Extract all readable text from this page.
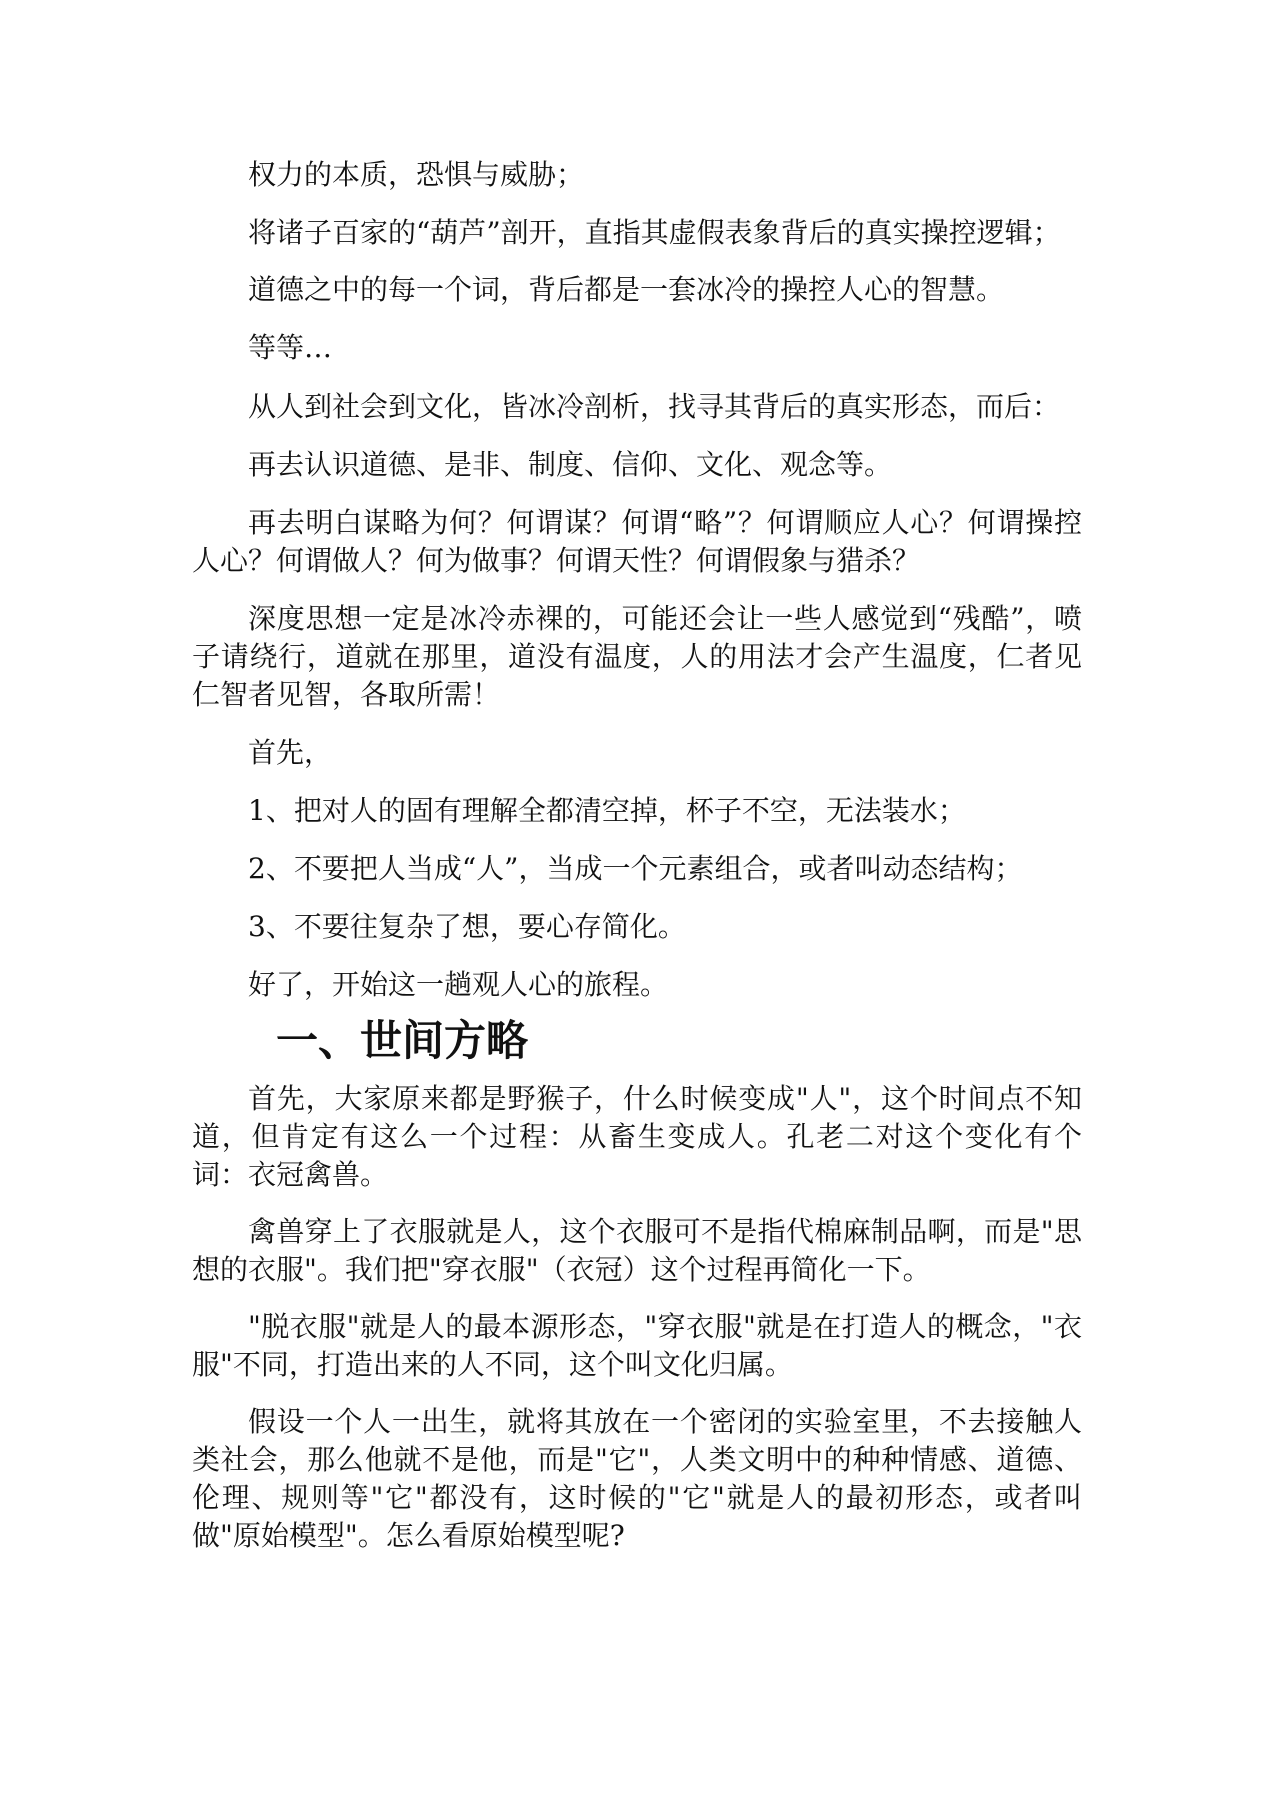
权力的本质，恐惧与威胁；

将诸子百家的“葫芦”剖开，直指其虚假表象背后的真实操控逻辑；

道德之中的每一个词，背后都是一套冰冷的操控人心的智慧。

等等…

从人到社会到文化，皆冰冷剖析，找寻其背后的真实形态，而后：

再去认识道德、是非、制度、信仰、文化、观念等。

再去明白谋略为何？何谓谋？何谓“略”？何谓顺应人心？何谓操控人心？何谓做人？何为做事？何谓天性？何谓假象与猎杀？

深度思想一定是冰冷赤裸的，可能还会让一些人感觉到“残酷”，喷子请绕行，道就在那里，道没有温度，人的用法才会产生温度，仁者见仁智者见智，各取所需！

首先，

1、把对人的固有理解全都清空掉，杯子不空，无法装水；

2、不要把人当成“人”，当成一个元素组合，或者叫动态结构；

3、不要往复杂了想，要心存简化。

好了，开始这一趟观人心的旅程。

一、世间方略

首先，大家原来都是野猴子，什么时候变成"人"，这个时间点不知道，但肯定有这么一个过程：从畜生变成人。孔老二对这个变化有个词：衣冠禽兽。

禽兽穿上了衣服就是人，这个衣服可不是指代棉麻制品啊，而是"思想的衣服"。我们把"穿衣服"（衣冠）这个过程再简化一下。

"脱衣服"就是人的最本源形态，"穿衣服"就是在打造人的概念，"衣服"不同，打造出来的人不同，这个叫文化归属。

假设一个人一出生，就将其放在一个密闭的实验室里，不去接触人类社会，那么他就不是他，而是"它"，人类文明中的种种情感、道德、伦理、规则等"它"都没有，这时候的"它"就是人的最初形态，或者叫做"原始模型"。怎么看原始模型呢?
